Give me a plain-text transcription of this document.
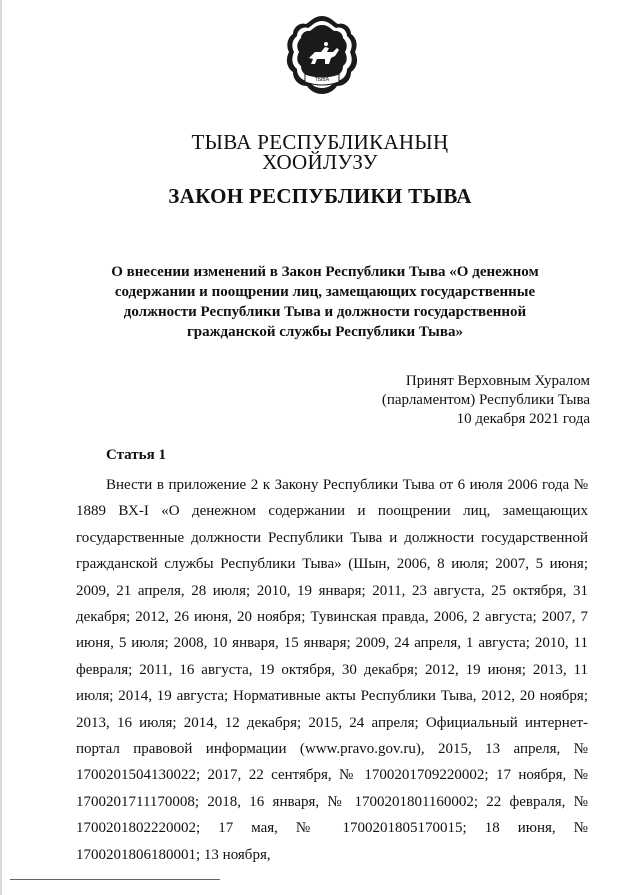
ТЫВА
ТЫВА РЕСПУБЛИКАНЫҢ
ХООЙЛУЗУ
ЗАКОН РЕСПУБЛИКИ ТЫВА
О внесении изменений в Закон Республики Тыва «О денежном
содержании и поощрении лиц, замещающих государственные
должности Республики Тыва и должности государственной
гражданской службы Республики Тыва»
Принят Верховным Хуралом
(парламентом) Республики Тыва
10 декабря 2021 года
Статья 1

Внести в приложение 2 к Закону Республики Тыва от 6 июля 2006 года № 1889 ВХ-I «О денежном содержании и поощрении лиц, замещающих государственные должности Республики Тыва и должности государственной гражданской службы Республики Тыва» (Шын, 2006, 8 июля; 2007, 5 июня; 2009, 21 апреля, 28 июля; 2010, 19 января; 2011, 23 августа, 25 октября, 31 декабря; 2012, 26 июня, 20 ноября; Тувинская правда, 2006, 2 августа; 2007, 7 июня, 5 июля; 2008, 10 января, 15 января; 2009, 24 апреля, 1 августа; 2010, 11 февраля; 2011, 16 августа, 19 октября, 30 декабря; 2012, 19 июня; 2013, 11 июля; 2014, 19 августа; Нормативные акты Республики Тыва, 2012, 20 ноября; 2013, 16 июля; 2014, 12 декабря; 2015, 24 апреля; Официальный интернет-портал правовой информации (www.pravo.gov.ru), 2015, 13 апреля, № 1700201504130022; 2017, 22 сентября, № 1700201709220002; 17 ноября, № 1700201711170008; 2018, 16 января, № 1700201801160002; 22 февраля, № 1700201802220002; 17 мая, № 1700201805170015; 18 июня, № 1700201806180001; 13 ноября,
